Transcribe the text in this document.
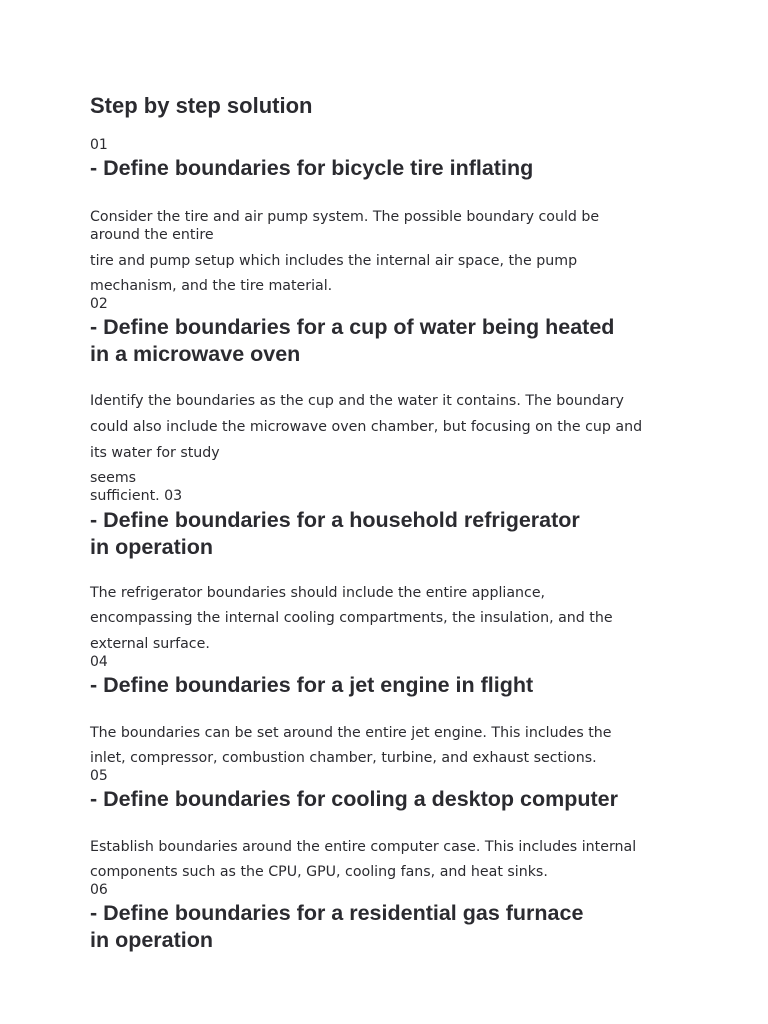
Step by step solution
01
- Define boundaries for bicycle tire inflating
Consider the tire and air pump system. The possible boundary could be
around the entire
tire and pump setup which includes the internal air space, the pump
mechanism, and the tire material.
02
- Define boundaries for a cup of water being heated
in a microwave oven
Identify the boundaries as the cup and the water it contains. The boundary
could also include the microwave oven chamber, but focusing on the cup and
its water for study
seems
sufficient. 03
- Define boundaries for a household refrigerator
in operation
The refrigerator boundaries should include the entire appliance,
encompassing the internal cooling compartments, the insulation, and the
external surface.
04
- Define boundaries for a jet engine in flight
The boundaries can be set around the entire jet engine. This includes the
inlet, compressor, combustion chamber, turbine, and exhaust sections.
05
- Define boundaries for cooling a desktop computer
Establish boundaries around the entire computer case. This includes internal
components such as the CPU, GPU, cooling fans, and heat sinks.
06
- Define boundaries for a residential gas furnace
in operation
